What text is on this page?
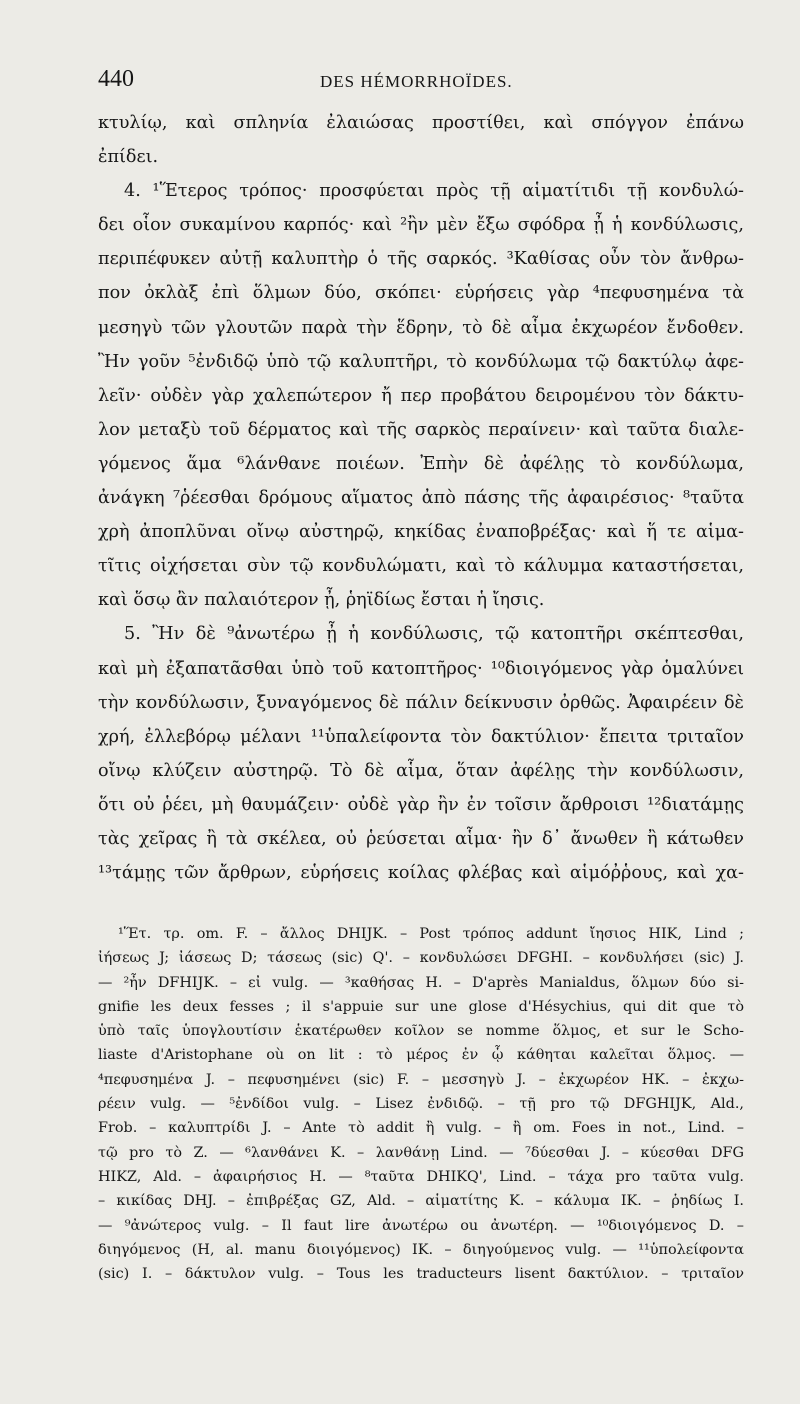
440	DES HÉMORRHOÏDES.
κτυλίῳ, καὶ σπληνία ἐλαιώσας προστίθει, καὶ σπόγγον ἐπάνω
ἐπίδει.
4. ¹Ἕτερος τρόπος· προσφύεται πρὸς τῇ αἱματίτιδι τῇ κονδυλώ-
δει οἷον συκαμίνου καρπός· καὶ ²ἢν μὲν ἔξω σφόδρα ᾖ ἡ κονδύλωσις,
περιπέφυκεν αὐτῇ καλυπτὴρ ὁ τῆς σαρκός. ³Καθίσας οὖν τὸν ἄνθρω-
πον ὀκλὰξ ἐπὶ ὅλμων δύο, σκόπει· εὑρήσεις γὰρ ⁴πεφυσημένα τὰ
μεσηγὺ τῶν γλουτῶν παρὰ τὴν ἕδρην, τὸ δὲ αἷμα ἐκχωρέον ἔνδοθεν.
Ἢν γοῦν ⁵ἐνδιδῷ ὑπὸ τῷ καλυπτῆρι, τὸ κονδύλωμα τῷ δακτύλῳ ἀφε-
λεῖν· οὐδὲν γὰρ χαλεπώτερον ἤ περ προβάτου δειρομένου τὸν δάκτυ-
λον μεταξὺ τοῦ δέρματος καὶ τῆς σαρκὸς περαίνειν· καὶ ταῦτα διαλε-
γόμενος ἅμα ⁶λάνθανε ποιέων. Ἐπὴν δὲ ἀφέλῃς τὸ κονδύλωμα,
ἀνάγκη ⁷ῥέεσθαι δρόμους αἵματος ἀπὸ πάσης τῆς ἀφαιρέσιος· ⁸ταῦτα
χρὴ ἀποπλῦναι οἴνῳ αὐστηρῷ, κηκίδας ἐναποβρέξας· καὶ ἥ τε αἱμα-
τῖτις οἰχήσεται σὺν τῷ κονδυλώματι, καὶ τὸ κάλυμμα καταστήσεται,
καὶ ὅσῳ ἂν παλαιότερον ᾖ, ῥηϊδίως ἔσται ἡ ἴησις.
5. Ἢν δὲ ⁹ἀνωτέρω ᾖ ἡ κονδύλωσις, τῷ κατοπτῆρι σκέπτεσθαι,
καὶ μὴ ἐξαπατᾶσθαι ὑπὸ τοῦ κατοπτῆρος· ¹⁰διοιγόμενος γὰρ ὁμαλύνει
τὴν κονδύλωσιν, ξυναγόμενος δὲ πάλιν δείκνυσιν ὀρθῶς. Ἀφαιρέειν δὲ
χρή, ἐλλεβόρῳ μέλανι ¹¹ὑπαλείφοντα τὸν δακτύλιον· ἔπειτα τριταῖον
οἴνῳ κλύζειν αὐστηρῷ. Τὸ δὲ αἷμα, ὅταν ἀφέλῃς τὴν κονδύλωσιν,
ὅτι οὐ ῥέει, μὴ θαυμάζειν· οὐδὲ γὰρ ἢν ἐν τοῖσιν ἄρθροισι ¹²διατάμῃς
τὰς χεῖρας ἢ τὰ σκέλεα, οὐ ῥεύσεται αἷμα· ἢν δ᾽ ἄνωθεν ἢ κάτωθεν
¹³τάμῃς τῶν ἄρθρων, εὑρήσεις κοίλας φλέβας καὶ αἱμόῤῥους, καὶ χα-
¹Ἕτ. τρ. om. F. – ἄλλος DHIJK. – Post τρόπος addunt ἴησιος HIK, Lind ;
ἰήσεως J; ἰάσεως D; τάσεως (sic) Q'. – κονδυλώσει DFGHI. – κονδυλήσει (sic) J.
— ²ἦν DFHIJK. – εἰ vulg. — ³καθήσας H. – D'après Manialdus, ὅλμων δύο si-
gnifie les deux fesses ; il s'appuie sur une glose d'Hésychius, qui dit que τὸ
ὑπὸ ταῖς ὑπογλουτίσιν ἑκατέρωθεν κοῖλον se nomme ὅλμος, et sur le Scho-
liaste d'Aristophane où on lit : τὸ μέρος ἐν ᾧ κάθηται καλεῖται ὅλμος. —
⁴πεφυσημένα J. – πεφυσημένει (sic) F. – μεσσηγὺ J. – ἐκχωρέον HK. – ἐκχω-
ρέειν vulg. — ⁵ἐνδίδοι vulg. – Lisez ἐνδιδῷ. – τῇ pro τῷ DFGHIJK, Ald.,
Frob. – καλυπτρίδι J. – Ante τὸ addit ἢ vulg. – ἢ om. Foes in not., Lind. –
τῷ pro τὸ Z. — ⁶λανθάνει K. – λανθάνῃ Lind. — ⁷δύεσθαι J. – κύεσθαι DFG
HIKZ, Ald. – ἀφαιρήσιος H. — ⁸ταῦτα DHIKQ', Lind. – τάχα pro ταῦτα vulg.
– κικίδας DHJ. – ἐπιβρέξας GZ, Ald. – αἱματίτης K. – κάλυμα IK. – ῥηδίως I.
— ⁹ἀνώτερος vulg. – Il faut lire ἀνωτέρω ou ἀνωτέρη. — ¹⁰διοιγόμενος D. –
διηγόμενος (H, al. manu διοιγόμενος) IK. – διηγούμενος vulg. — ¹¹ὑπολείφοντα
(sic) I. – δάκτυλον vulg. – Tous les traducteurs lisent δακτύλιον. – τριταῖον
